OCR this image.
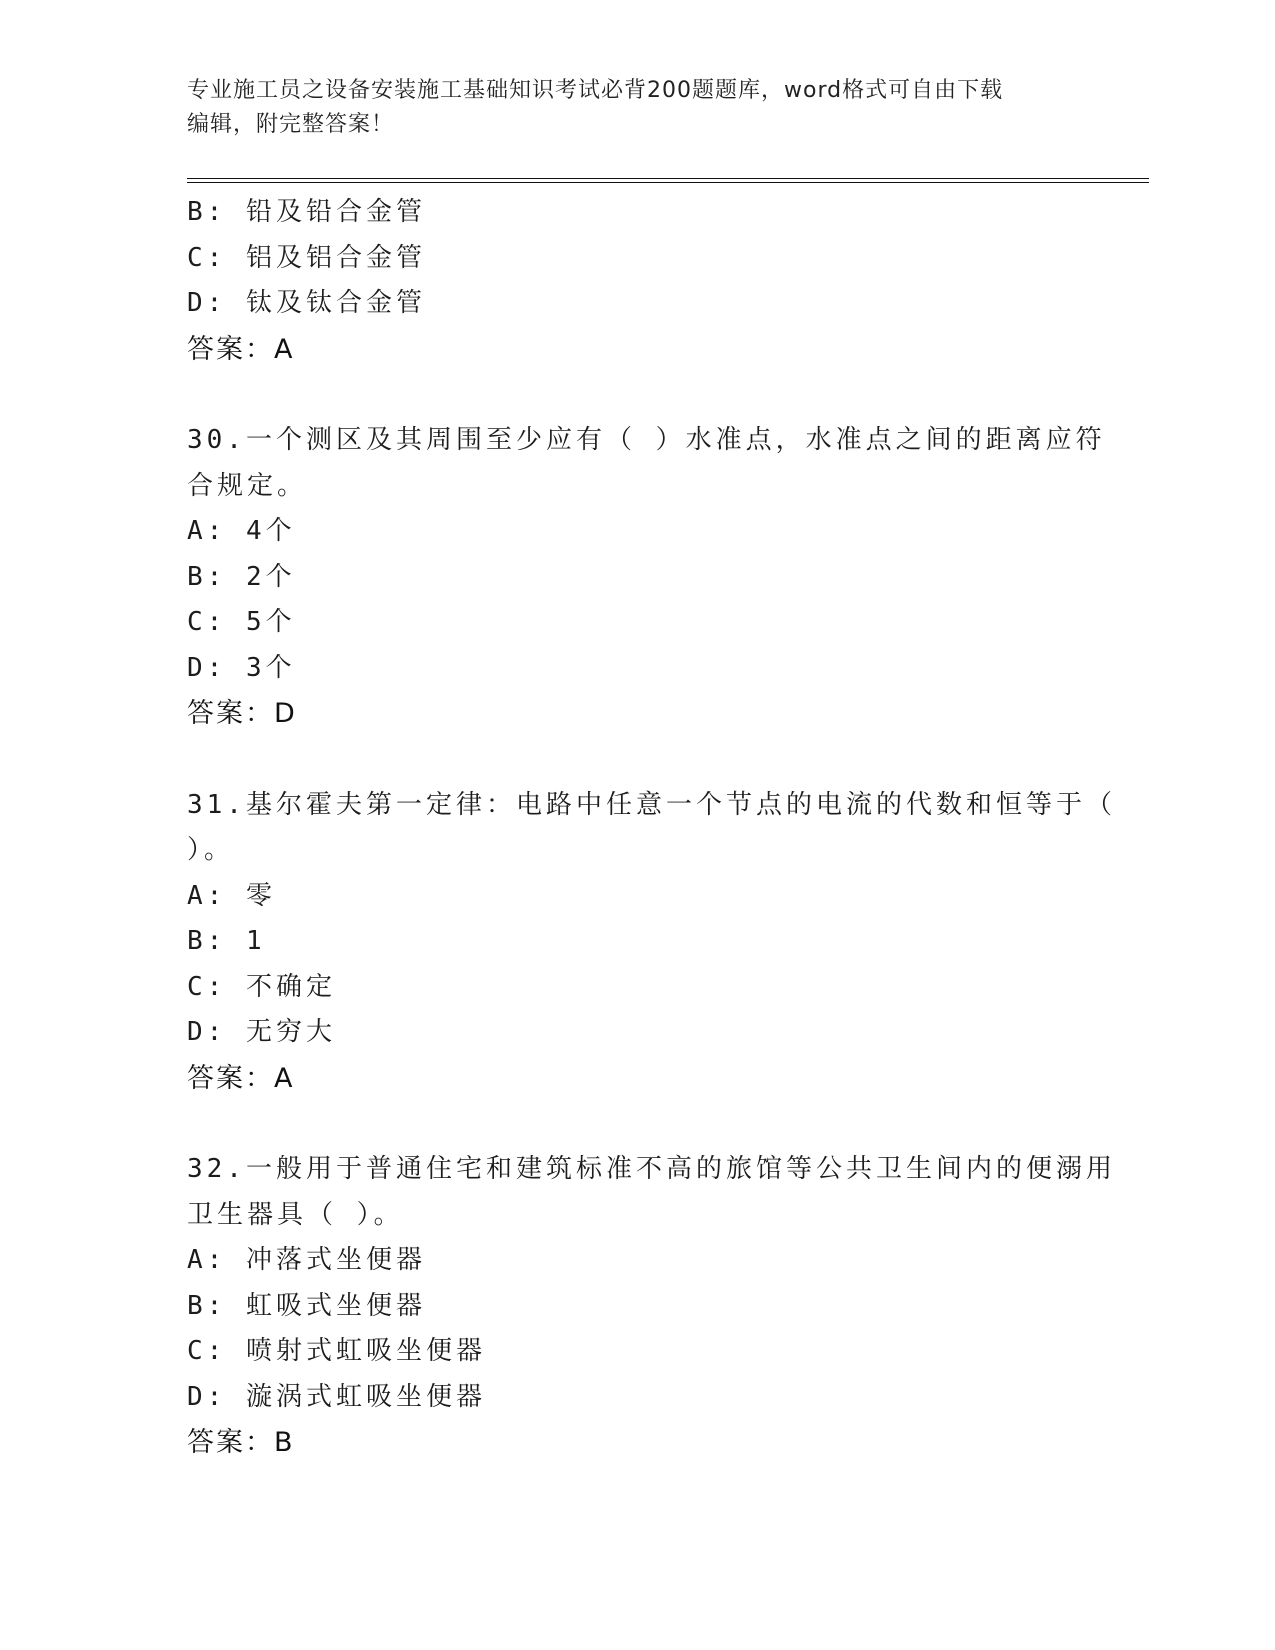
专业施工员之设备安装施工基础知识考试必背200题题库，word格式可自由下载
编辑，附完整答案！
B: 铅及铅合金管
C: 铝及铝合金管
D: 钛及钛合金管
答案：A
30.一个测区及其周围至少应有（ ）水准点，水准点之间的距离应符
合规定。
A: 4个
B: 2个
C: 5个
D: 3个
答案：D
31.基尔霍夫第一定律：电路中任意一个节点的电流的代数和恒等于（
）。
A: 零
B: 1
C: 不确定
D: 无穷大
答案：A
32.一般用于普通住宅和建筑标准不高的旅馆等公共卫生间内的便溺用
卫生器具（ ）。
A: 冲落式坐便器
B: 虹吸式坐便器
C: 喷射式虹吸坐便器
D: 漩涡式虹吸坐便器
答案：B
